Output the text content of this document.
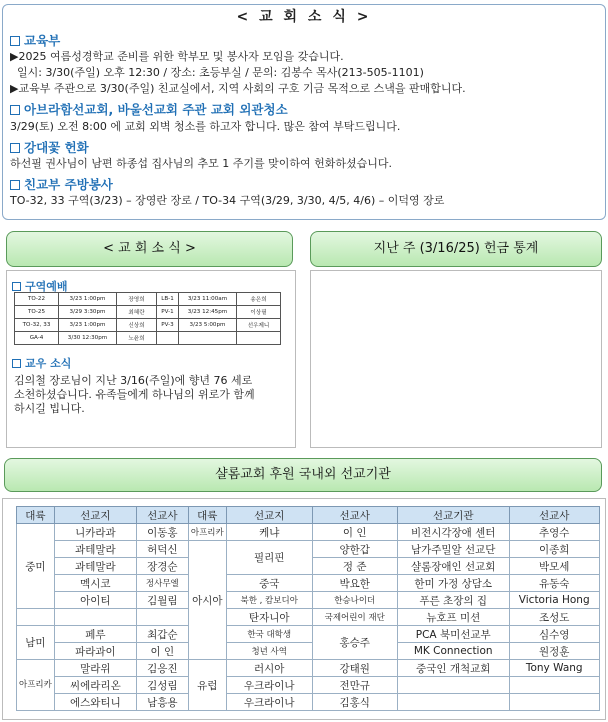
< 교 회 소 식 >
교육부
▶2025 여름성경학교 준비를 위한 학부모 및 봉사자 모임을 갖습니다.
일시: 3/30(주일) 오후 12:30 / 장소: 초등부실 / 문의: 김봉수 목사(213-505-1101)
▶교육부 주관으로 3/30(주일) 친교실에서, 지역 사회의 구호 기금 목적으로 스낵을 판매합니다.
아브라함선교회, 바울선교회 주관 교회 외관청소
3/29(토) 오전 8:00 에 교회 외벽 청소를 하고자 합니다. 많은 참여 부탁드립니다.
강대꽃 헌화
하선필 권사님이 남편 하종섭 집사님의 추모 1 주기를 맞이하여 헌화하셨습니다.
친교부 주방봉사
TO-32, 33 구역(3/23) – 장영란 장로 / TO-34 구역(3/29, 3/30, 4/5, 4/6) – 이덕영 장로
< 교 회 소 식 >	지난 주 (3/16/25) 헌금 통계
구역예배
TO-22	3/23 1:00pm	장영희	LB-1	3/23 11:00am	송은희
TO-25	3/29 3:30pm	최혜란	PV-1	3/23 12:45pm	이상필
TO-32, 33	3/23 1:00pm	신상희	PV-3	3/23 5:00pm	선우제니
GA-4	3/30 12:30pm	노윤희			
교우 소식
김의철 장로님이 지난 3/16(주일)에 향년 76 세로
소천하셨습니다. 유족들에게 하나님의 위로가 함께
하시길 빕니다.
샬롬교회 후원 국내외 선교기관
대륙	선교지	선교사	대륙	선교지	선교사	선교기관	선교사
중미	니카라과	이동홍	아프리카	케냐	이 인	비전시각장애 센터	추영수
	과테말라	허덕신	아시아	필리핀	양한갑	남가주밀알 선교단	이종희
	과테말라	장경순			정 준	샬롬장애인 선교회	박모세
	멕시코	정사무엘		중국	박요한	한미 가정 상담소	유동숙
	아이티	김월림		북한 , 캄보디아	한승나이더	푸른 초장의 집	Victoria Hong
				탄자니아	국제어린이 재단	뉴호프 미션	조성도
남미	페루	최갑순		한국 대학생	홍승주	PCA 북미선교부	심수영
	파라과이	이 인		청년 사역		MK Connection	원정훈
아프리카	말라위	김응진	유럽	러시아	강태원	중국인 개척교회	Tony Wang
	씨에라리온	김성림		우크라이나	전만규		
	에스와티니	남흥용		우크라이나	김홍식		
